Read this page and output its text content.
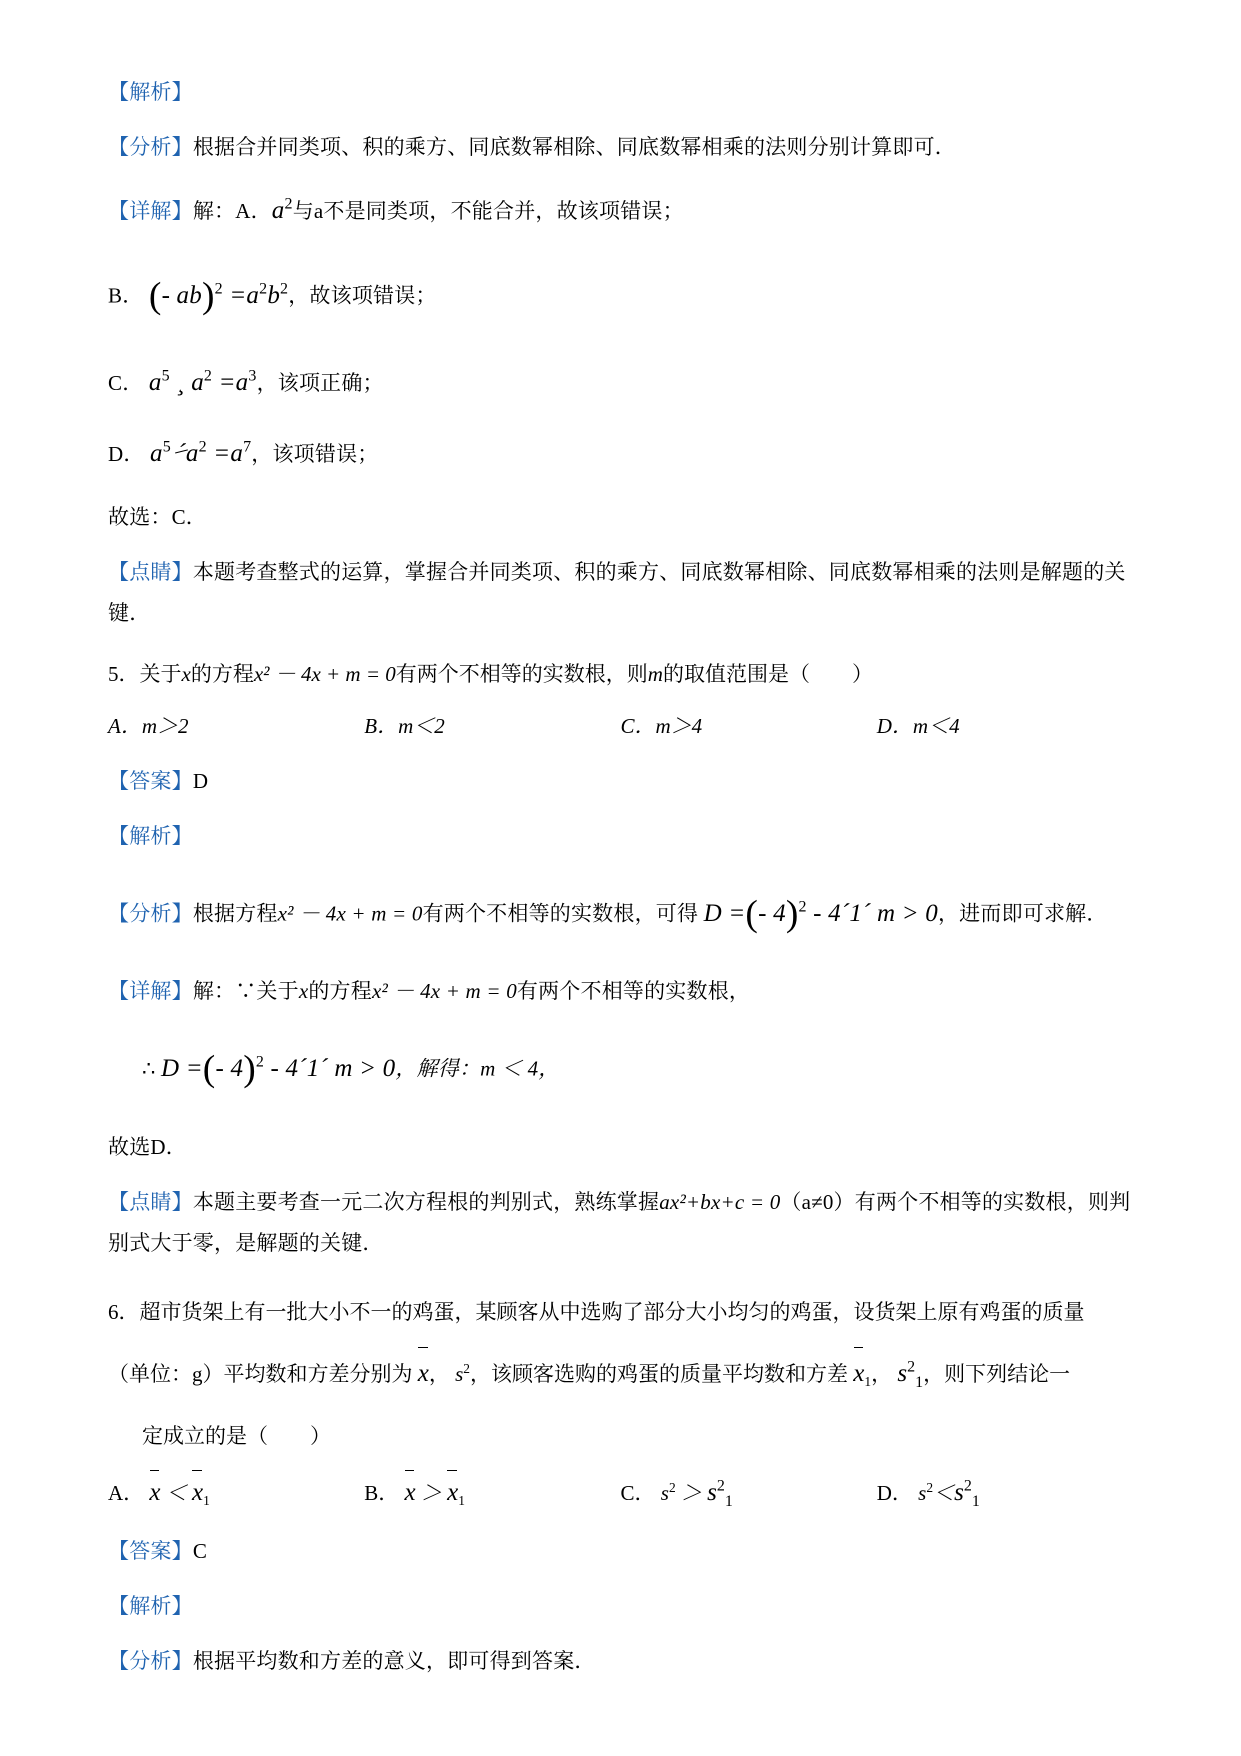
【解析】

【分析】根据合并同类项、积的乘方、同底数幂相除、同底数幂相乘的法则分别计算即可．

【详解】解：A．$a^2$与a不是同类项，不能合并，故该项错误；

B． (- $ab)^2 =a^2b^2$，故该项错误；

C． $a^5$ ¸ $a^2 =a^3$，该项正确；

D． $a^5$ $´a^2 =a^7$，该项错误；

故选：C．

【点睛】本题考查整式的运算，掌握合并同类项、积的乘方、同底数幂相除、同底数幂相乘的法则是解题的关键．

5．关于x的方程x² － 4x + m = 0有两个不相等的实数根，则m的取值范围是（　　）

A．m＞2	B．m＜2	C．m＞4	D．m＜4

【答案】D

【解析】

【分析】根据方程x² － 4x + m = 0有两个不相等的实数根，可得 D =(- 4)$^2$ - 4´1´ m > 0，进而即可求解．

【详解】解：∵关于x的方程x² － 4x + m = 0有两个不相等的实数根，

∴ D =(- 4)$^2$ - 4´1´ m > 0，解得：m ＜ 4，

故选D．

【点睛】本题主要考查一元二次方程根的判别式，熟练掌握ax²+bx+c = 0（a≠0）有两个不相等的实数根，则判别式大于零，是解题的关键．

6．超市货架上有一批大小不一的鸡蛋，某顾客从中选购了部分大小均匀的鸡蛋，设货架上原有鸡蛋的质量

（单位：g）平均数和方差分别为 x， $s^2$，该顾客选购的鸡蛋的质量平均数和方差 $x_1$， $s^2_1$，则下列结论一

定成立的是（　　）

A． $x < x_1$	B． $x > x_1$	C． $s^2 > s^2_1$	D． $s^2<s^2_1$

【答案】C

【解析】

【分析】根据平均数和方差的意义，即可得到答案．
